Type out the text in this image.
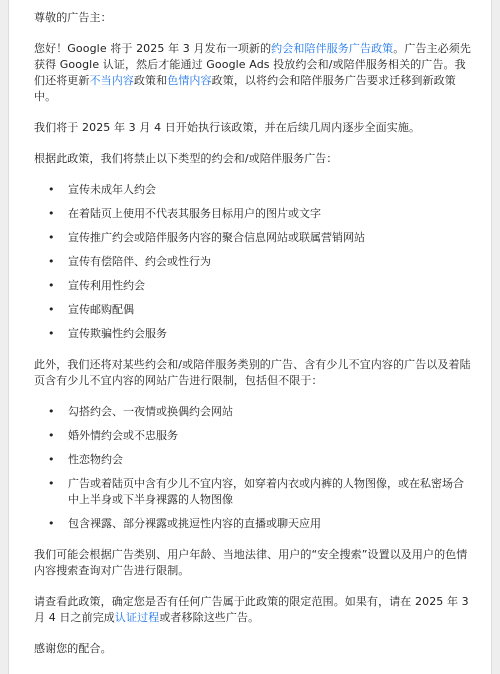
尊敬的广告主：

您好！Google 将于 2025 年 3 月发布一项新的约会和陪伴服务广告政策。广告主必须先获得 Google 认证，然后才能通过 Google Ads 投放约会和/或陪伴服务相关的广告。我们还将更新不当内容政策和色情内容政策，以将约会和陪伴服务广告要求迁移到新政策中。

我们将于 2025 年 3 月 4 日开始执行该政策，并在后续几周内逐步全面实施。

根据此政策，我们将禁止以下类型的约会和/或陪伴服务广告：

• 宣传未成年人约会
• 在着陆页上使用不代表其服务目标用户的图片或文字
• 宣传推广约会或陪伴服务内容的聚合信息网站或联属营销网站
• 宣传有偿陪伴、约会或性行为
• 宣传利用性约会
• 宣传邮购配偶
• 宣传欺骗性约会服务

此外，我们还将对某些约会和/或陪伴服务类别的广告、含有少儿不宜内容的广告以及着陆页含有少儿不宜内容的网站广告进行限制，包括但不限于：

• 勾搭约会、一夜情或换偶约会网站
• 婚外情约会或不忠服务
• 性恋物约会
• 广告或着陆页中含有少儿不宜内容，如穿着内衣或内裤的人物图像，或在私密场合中上半身或下半身裸露的人物图像
• 包含裸露、部分裸露或挑逗性内容的直播或聊天应用

我们可能会根据广告类别、用户年龄、当地法律、用户的“安全搜索”设置以及用户的色情内容搜索查询对广告进行限制。

请查看此政策，确定您是否有任何广告属于此政策的限定范围。如果有，请在 2025 年 3 月 4 日之前完成认证过程或者移除这些广告。

感谢您的配合。
